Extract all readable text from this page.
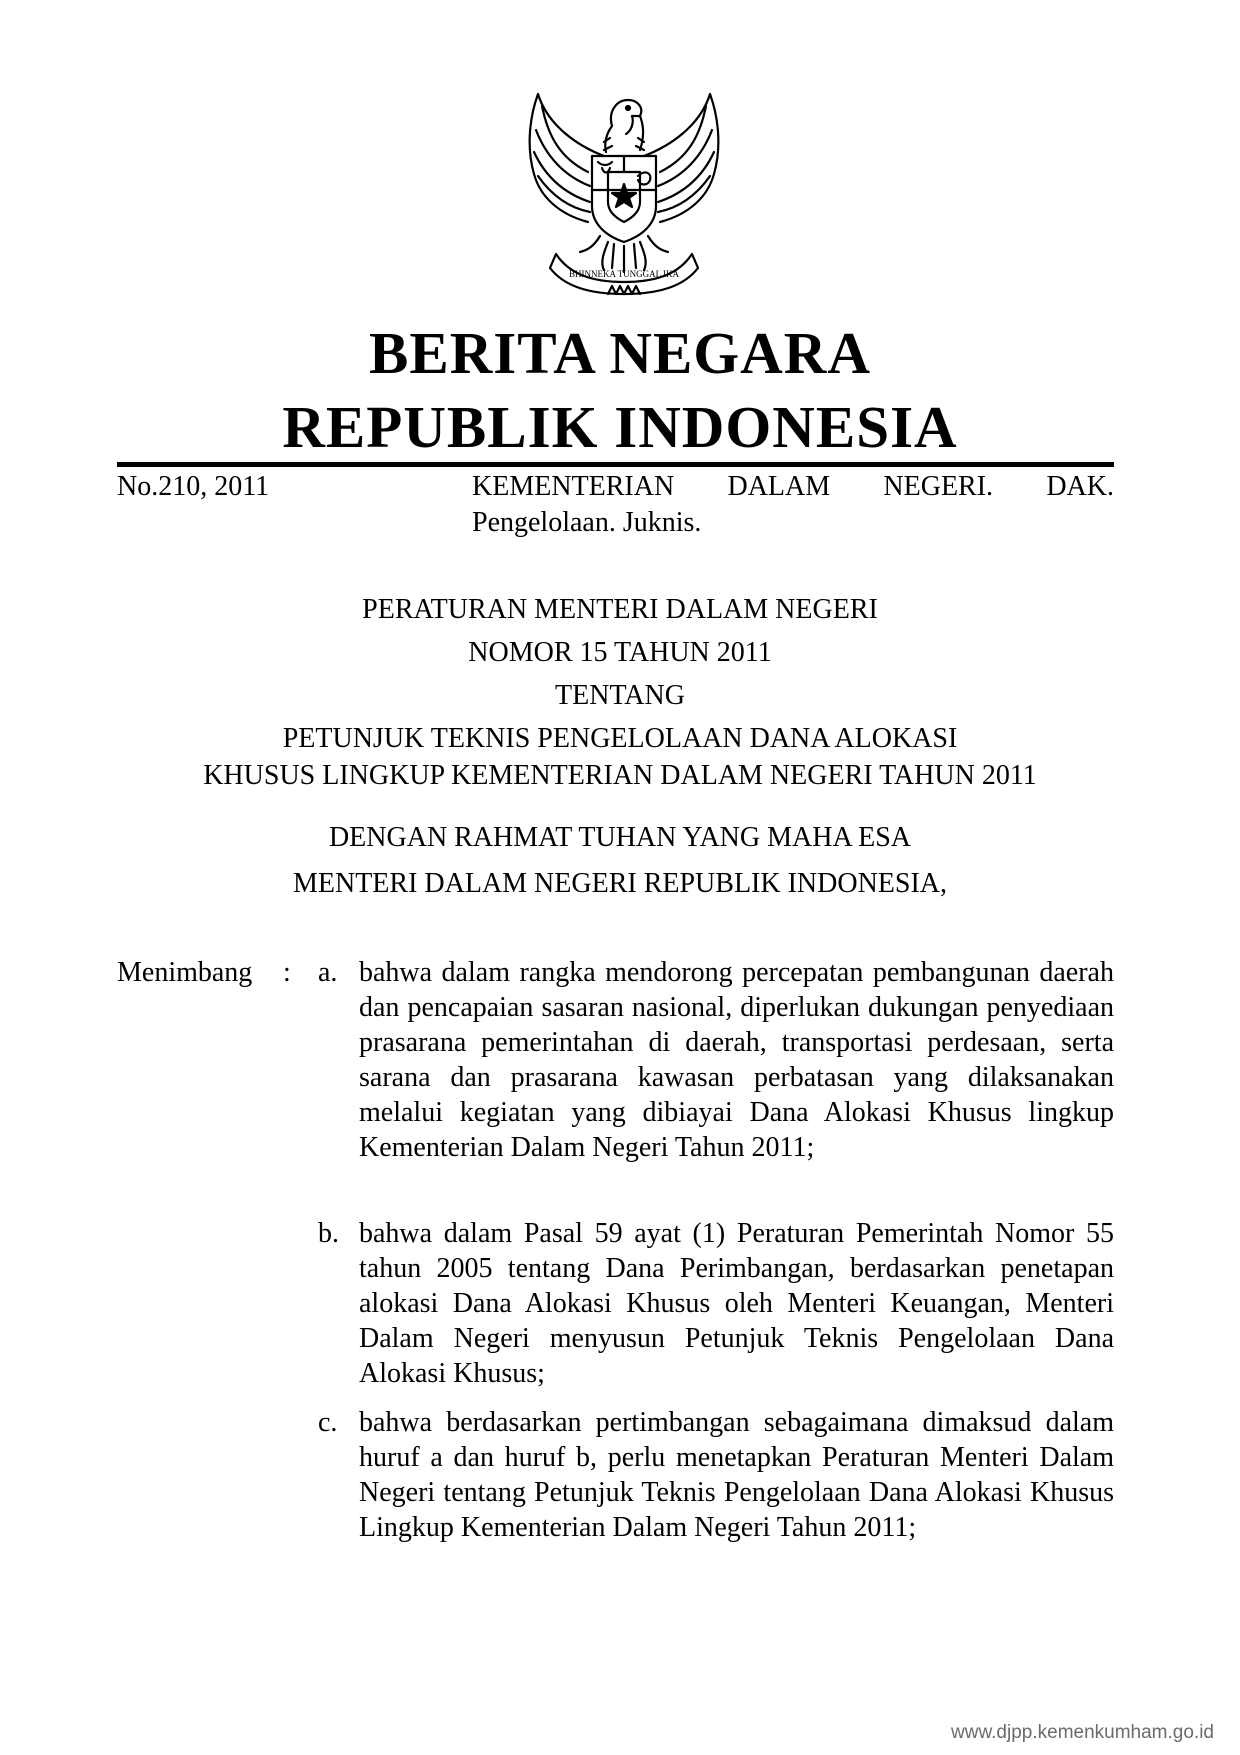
BHINNEKA TUNGGAL IKA
BERITA NEGARA
REPUBLIK INDONESIA
No.210, 2011	KEMENTERIAN DALAM NEGERI. DAK. Pengelolaan. Juknis.
PERATURAN MENTERI DALAM NEGERI
NOMOR 15 TAHUN 2011
TENTANG
PETUNJUK TEKNIS PENGELOLAAN DANA ALOKASI
KHUSUS LINGKUP KEMENTERIAN DALAM NEGERI TAHUN 2011
DENGAN RAHMAT TUHAN YANG MAHA ESA
MENTERI DALAM NEGERI REPUBLIK INDONESIA,
Menimbang : a. bahwa dalam rangka mendorong percepatan pembangunan daerah dan pencapaian sasaran nasional, diperlukan dukungan penyediaan prasarana pemerintahan di daerah, transportasi perdesaan, serta sarana dan prasarana kawasan perbatasan yang dilaksanakan melalui kegiatan yang dibiayai Dana Alokasi Khusus lingkup Kementerian Dalam Negeri Tahun 2011;
b. bahwa dalam Pasal 59 ayat (1) Peraturan Pemerintah Nomor 55 tahun 2005 tentang Dana Perimbangan, berdasarkan penetapan alokasi Dana Alokasi Khusus oleh Menteri Keuangan, Menteri Dalam Negeri menyusun Petunjuk Teknis Pengelolaan Dana Alokasi Khusus;
c. bahwa berdasarkan pertimbangan sebagaimana dimaksud dalam huruf a dan huruf b, perlu menetapkan Peraturan Menteri Dalam Negeri tentang Petunjuk Teknis Pengelolaan Dana Alokasi Khusus Lingkup Kementerian Dalam Negeri Tahun 2011;
www.djpp.kemenkumham.go.id
